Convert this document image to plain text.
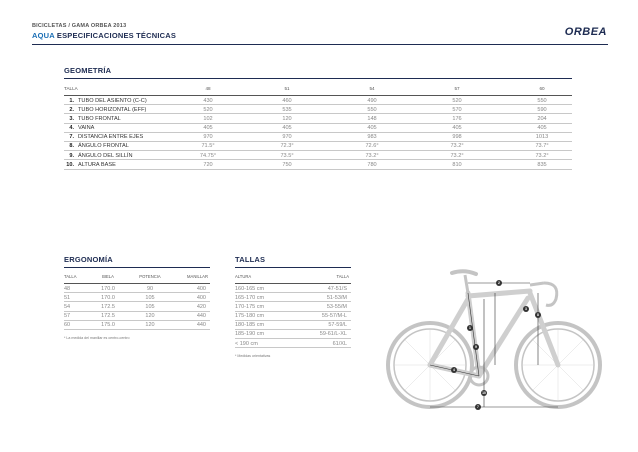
BICICLETAS / GAMA ORBEA 2013
AQUA ESPECIFICACIONES TÉCNICAS	ORBEA
GEOMETRÍA
TALLA	48	51	54	57	60
1. TUBO DEL ASIENTO (C-C)	430	460	490	520	550
2. TUBO HORIZONTAL (EFF)	520	535	550	570	590
3. TUBO FRONTAL	102	120	148	176	204
4. VAINA	405	405	405	405	405
7. DISTANCIA ENTRE EJES	970	970	983	998	1013
8. ÁNGULO FRONTAL	71.5°	72.3°	72.6°	73.2°	73.7°
9. ÁNGULO DEL SILLÍN	74.75°	73.5°	73.2°	73.2°	73.2°
10. ALTURA BASE	720	750	780	810	835
ERGONOMÍA
TALLA	BIELA	POTENCIA	MANILLAR
48	170.0	90	400
51	170.0	105	400
54	172.5	105	420
57	172.5	120	440
60	175.0	120	440
* La medida del manillar es centro-centro
TALLAS
ALTURA	TALLA
160-165 cm	47-51/S
165-170 cm	51-53/M
170-175 cm	53-55/M
175-180 cm	55-57/M-L
180-185 cm	57-59/L
185-190 cm	59-61/L-XL
< 190 cm	61/XL
* Medidas orientativas
1
2
3
4
7
8
9
10
